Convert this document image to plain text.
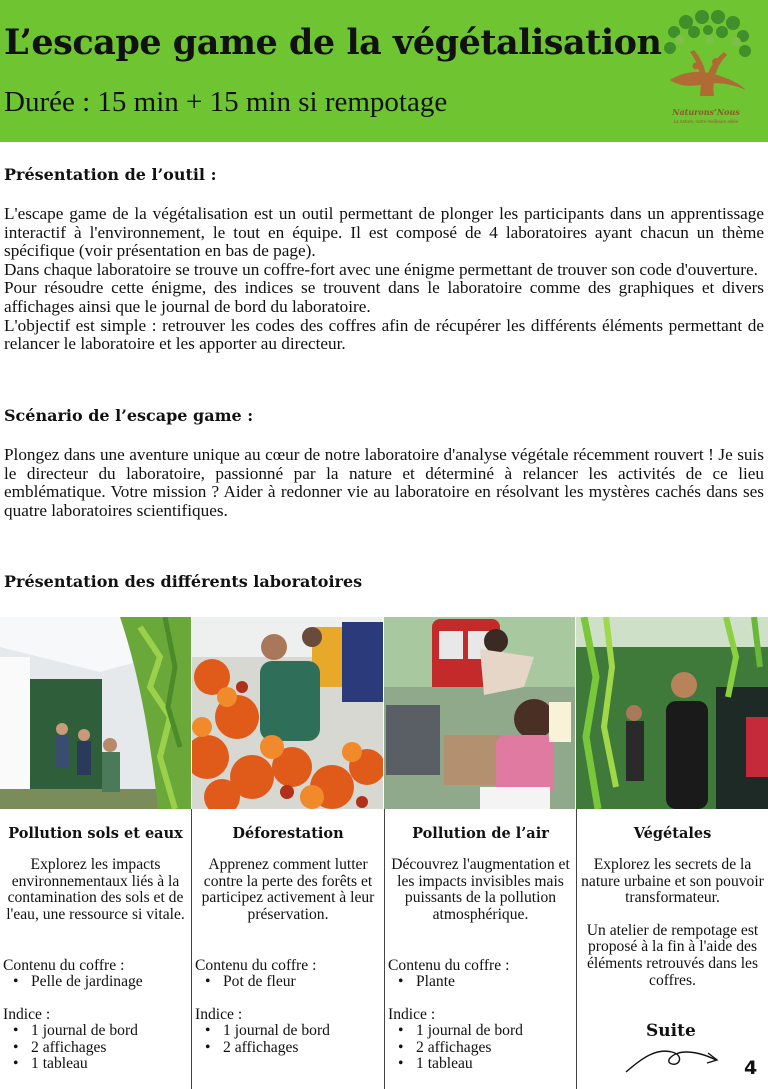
L’escape game de la végétalisation
Durée : 15 min + 15 min si rempotage	Naturons’Nous
La nature, notre meilleure alliée
Présentation de l’outil :

L'escape game de la végétalisation est un outil permettant de plonger les participants dans un apprentissage interactif à l'environnement, le tout en équipe. Il est composé de 4 laboratoires ayant chacun un thème spécifique (voir présentation en bas de page).

Dans chaque laboratoire se trouve un coffre-fort avec une énigme permettant de trouver son code d'ouverture.

Pour résoudre cette énigme, des indices se trouvent dans le laboratoire comme des graphiques et divers affichages ainsi que le journal de bord du laboratoire.

L'objectif est simple : retrouver les codes des coffres afin de récupérer les différents éléments permettant de relancer le laboratoire et les apporter au directeur.

Scénario de l’escape game :

Plongez dans une aventure unique au cœur de notre laboratoire d'analyse végétale récemment rouvert ! Je suis le directeur du laboratoire, passionné par la nature et déterminé à relancer les activités de ce lieu emblématique. Votre mission ? Aider à redonner vie au laboratoire en résolvant les mystères cachés dans ses quatre laboratoires scientifiques.

Présentation des différents laboratoires
Pollution sols et eaux

Explorez les impacts environnementaux liés à la contamination des sols et de l'eau, une ressource si vitale.

Contenu du coffre :
• Pelle de jardinage
Indice :
• 1 journal de bord
• 2 affichages
• 1 tableau
Déforestation

Apprenez comment lutter contre la perte des forêts et participez activement à leur préservation.

Contenu du coffre :
• Pot de fleur
Indice :
• 1 journal de bord
• 2 affichages
Pollution de l’air

Découvrez l'augmentation et les impacts invisibles mais puissants de la pollution atmosphérique.

Contenu du coffre :
• Plante
Indice :
• 1 journal de bord
• 2 affichages
• 1 tableau
Végétales

Explorez les secrets de la nature urbaine et son pouvoir transformateur.

Un atelier de rempotage est proposé à la fin à l'aide des éléments retrouvés dans les coffres.

Suite
4
